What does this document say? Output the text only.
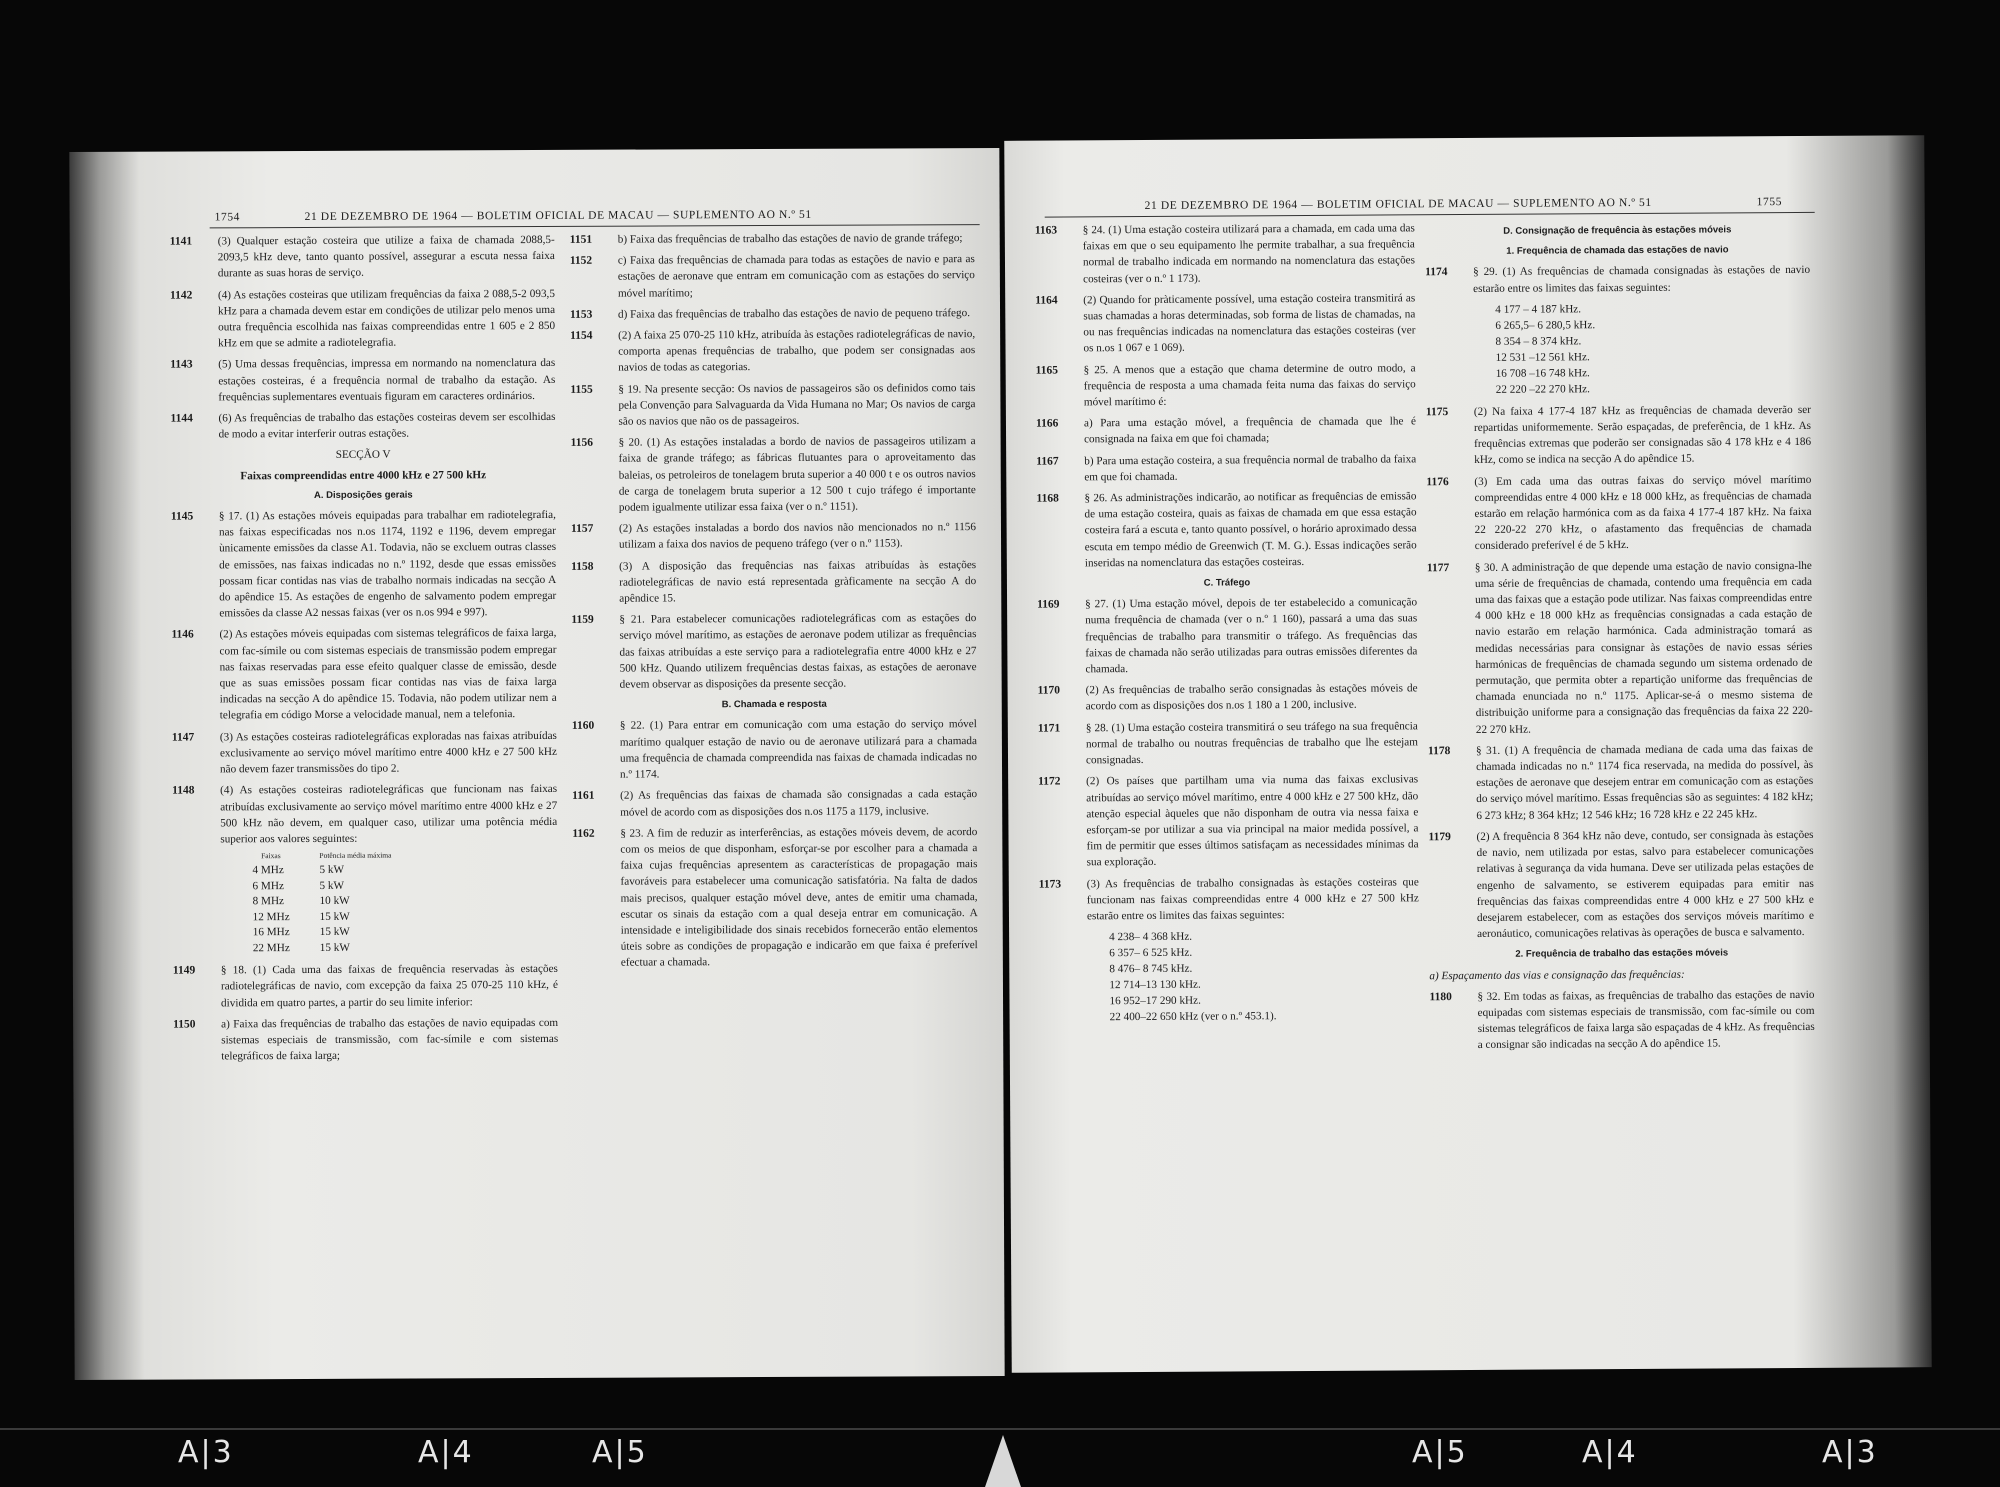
1754	21 DE DEZEMBRO DE 1964 — BOLETIM OFICIAL DE MACAU — SUPLEMENTO AO N.º 51
1141 (3) Qualquer estação costeira que utilize a faixa de chamada 2088,5-2093,5 kHz deve, tanto quanto possível, assegurar a escuta nessa faixa durante as suas horas de serviço.
1142 (4) As estações costeiras que utilizam frequências da faixa 2 088,5-2 093,5 kHz para a chamada devem estar em condições de utilizar pelo menos uma outra frequência escolhida nas faixas compreendidas entre 1 605 e 2 850 kHz em que se admite a radiotelegrafia.
1143 (5) Uma dessas frequências, impressa em normando na nomenclatura das estações costeiras, é a frequência normal de trabalho da estação. As frequências suplementares eventuais figuram em caracteres ordinários.
1144 (6) As frequências de trabalho das estações costeiras devem ser escolhidas de modo a evitar interferir outras estações.
SECÇÃO V
Faixas compreendidas entre 4000 kHz e 27 500 kHz
A. Disposições gerais
1145 § 17. (1) As estações móveis equipadas para trabalhar em radiotelegrafia, nas faixas especificadas nos n.os 1174, 1192 e 1196, devem empregar ùnicamente emissões da classe A1. Todavia, não se excluem outras classes de emissões, nas faixas indicadas no n.º 1192, desde que essas emissões possam ficar contidas nas vias de trabalho normais indicadas na secção A do apêndice 15. As estações de engenho de salvamento podem empregar emissões da classe A2 nessas faixas (ver os n.os 994 e 997).
1146 (2) As estações móveis equipadas com sistemas telegráficos de faixa larga, com fac-símile ou com sistemas especiais de transmissão podem empregar nas faixas reservadas para esse efeito qualquer classe de emissão, desde que as suas emissões possam ficar contidas nas vias de faixa larga indicadas na secção A do apêndice 15. Todavia, não podem utilizar nem a telegrafia em código Morse a velocidade manual, nem a telefonia.
1147 (3) As estações costeiras radiotelegráficas exploradas nas faixas atribuídas exclusivamente ao serviço móvel marítimo entre 4000 kHz e 27 500 kHz não devem fazer transmissões do tipo 2.
1148 (4) As estações costeiras radiotelegráficas que funcionam nas faixas atribuídas exclusivamente ao serviço móvel marítimo entre 4000 kHz e 27 500 kHz não devem, em qualquer caso, utilizar uma potência média superior aos valores seguintes:
Faixas	Potência média máxima
4 MHz	5 kW
6 MHz	5 kW
8 MHz	10 kW
12 MHz	15 kW
16 MHz	15 kW
22 MHz	15 kW
1149 § 18. (1) Cada uma das faixas de frequência reservadas às estações radiotelegráficas de navio, com excepção da faixa 25 070-25 110 kHz, é dividida em quatro partes, a partir do seu limite inferior:
1150 a) Faixa das frequências de trabalho das estações de navio equipadas com sistemas especiais de transmissão, com fac-símile e com sistemas telegráficos de faixa larga;
1151 b) Faixa das frequências de trabalho das estações de navio de grande tráfego;
1152 c) Faixa das frequências de chamada para todas as estações de navio e para as estações de aeronave que entram em comunicação com as estações do serviço móvel marítimo;
1153 d) Faixa das frequências de trabalho das estações de navio de pequeno tráfego.
1154 (2) A faixa 25 070-25 110 kHz, atribuída às estações radiotelegráficas de navio, comporta apenas frequências de trabalho, que podem ser consignadas aos navios de todas as categorias.
1155 § 19. Na presente secção: Os navios de passageiros são os definidos como tais pela Convenção para Salvaguarda da Vida Humana no Mar; Os navios de carga são os navios que não os de passageiros.
1156 § 20. (1) As estações instaladas a bordo de navios de passageiros utilizam a faixa de grande tráfego; as fábricas flutuantes para o aproveitamento das baleias, os petroleiros de tonelagem bruta superior a 40 000 t e os outros navios de carga de tonelagem bruta superior a 12 500 t cujo tráfego é importante podem igualmente utilizar essa faixa (ver o n.º 1151).
1157 (2) As estações instaladas a bordo dos navios não mencionados no n.º 1156 utilizam a faixa dos navios de pequeno tráfego (ver o n.º 1153).
1158 (3) A disposição das frequências nas faixas atribuídas às estações radiotelegráficas de navio está representada gràficamente na secção A do apêndice 15.
1159 § 21. Para estabelecer comunicações radiotelegráficas com as estações do serviço móvel marítimo, as estações de aeronave podem utilizar as frequências das faixas atribuídas a este serviço para a radiotelegrafia entre 4000 kHz e 27 500 kHz. Quando utilizem frequências destas faixas, as estações de aeronave devem observar as disposições da presente secção.
B. Chamada e resposta
1160 § 22. (1) Para entrar em comunicação com uma estação do serviço móvel marítimo qualquer estação de navio ou de aeronave utilizará para a chamada uma frequência de chamada compreendida nas faixas de chamada indicadas no n.º 1174.
1161 (2) As frequências das faixas de chamada são consignadas a cada estação móvel de acordo com as disposições dos n.os 1175 a 1179, inclusive.
1162 § 23. A fim de reduzir as interferências, as estações móveis devem, de acordo com os meios de que disponham, esforçar-se por escolher para a chamada a faixa cujas frequências apresentem as características de propagação mais favoráveis para estabelecer uma comunicação satisfatória. Na falta de dados mais precisos, qualquer estação móvel deve, antes de emitir uma chamada, escutar os sinais da estação com a qual deseja entrar em comunicação. A intensidade e inteligibilidade dos sinais recebidos fornecerão então elementos úteis sobre as condições de propagação e indicarão em que faixa é preferível efectuar a chamada.
21 DE DEZEMBRO DE 1964 — BOLETIM OFICIAL DE MACAU — SUPLEMENTO AO N.º 51	1755
1163 § 24. (1) Uma estação costeira utilizará para a chamada, em cada uma das faixas em que o seu equipamento lhe permite trabalhar, a sua frequência normal de trabalho indicada em normando na nomenclatura das estações costeiras (ver o n.º 1 173).
1164 (2) Quando for pràticamente possível, uma estação costeira transmitirá as suas chamadas a horas determinadas, sob forma de listas de chamadas, na ou nas frequências indicadas na nomenclatura das estações costeiras (ver os n.os 1 067 e 1 069).
1165 § 25. A menos que a estação que chama determine de outro modo, a frequência de resposta a uma chamada feita numa das faixas do serviço móvel marítimo é:
1166 a) Para uma estação móvel, a frequência de chamada que lhe é consignada na faixa em que foi chamada;
1167 b) Para uma estação costeira, a sua frequência normal de trabalho da faixa em que foi chamada.
1168 § 26. As administrações indicarão, ao notificar as frequências de emissão de uma estação costeira, quais as faixas de chamada em que essa estação costeira fará a escuta e, tanto quanto possível, o horário aproximado dessa escuta em tempo médio de Greenwich (T. M. G.). Essas indicações serão inseridas na nomenclatura das estações costeiras.
C. Tráfego
1169 § 27. (1) Uma estação móvel, depois de ter estabelecido a comunicação numa frequência de chamada (ver o n.º 1 160), passará a uma das suas frequências de trabalho para transmitir o tráfego. As frequências das faixas de chamada não serão utilizadas para outras emissões diferentes da chamada.
1170 (2) As frequências de trabalho serão consignadas às estações móveis de acordo com as disposições dos n.os 1 180 a 1 200, inclusive.
1171 § 28. (1) Uma estação costeira transmitirá o seu tráfego na sua frequência normal de trabalho ou noutras frequências de trabalho que lhe estejam consignadas.
1172 (2) Os países que partilham uma via numa das faixas exclusivas atribuídas ao serviço móvel marítimo, entre 4 000 kHz e 27 500 kHz, dão atenção especial àqueles que não disponham de outra via nessa faixa e esforçam-se por utilizar a sua via principal na maior medida possível, a fim de permitir que esses últimos satisfaçam as necessidades mínimas da sua exploração.
1173 (3) As frequências de trabalho consignadas às estações costeiras que funcionam nas faixas compreendidas entre 4 000 kHz e 27 500 kHz estarão entre os limites das faixas seguintes:
4 238– 4 368 kHz.
6 357– 6 525 kHz.
8 476– 8 745 kHz.
12 714–13 130 kHz.
16 952–17 290 kHz.
22 400–22 650 kHz (ver o n.º 453.1).
D. Consignação de frequência às estações móveis
1. Frequência de chamada das estações de navio
1174 § 29. (1) As frequências de chamada consignadas às estações de navio estarão entre os limites das faixas seguintes:
4 177 – 4 187 kHz.
6 265,5– 6 280,5 kHz.
8 354 – 8 374 kHz.
12 531 –12 561 kHz.
16 708 –16 748 kHz.
22 220 –22 270 kHz.
1175 (2) Na faixa 4 177-4 187 kHz as frequências de chamada deverão ser repartidas uniformemente. Serão espaçadas, de preferência, de 1 kHz. As frequências extremas que poderão ser consignadas são 4 178 kHz e 4 186 kHz, como se indica na secção A do apêndice 15.
1176 (3) Em cada uma das outras faixas do serviço móvel marítimo compreendidas entre 4 000 kHz e 18 000 kHz, as frequências de chamada estarão em relação harmónica com as da faixa 4 177-4 187 kHz. Na faixa 22 220-22 270 kHz, o afastamento das frequências de chamada considerado preferível é de 5 kHz.
1177 § 30. A administração de que depende uma estação de navio consigna-lhe uma série de frequências de chamada, contendo uma frequência em cada uma das faixas que a estação pode utilizar. Nas faixas compreendidas entre 4 000 kHz e 18 000 kHz as frequências consignadas a cada estação de navio estarão em relação harmónica. Cada administração tomará as medidas necessárias para consignar às estações de navio essas séries harmónicas de frequências de chamada segundo um sistema ordenado de permutação, que permita obter a repartição uniforme das frequências de chamada enunciada no n.º 1175. Aplicar-se-á o mesmo sistema de distribuição uniforme para a consignação das frequências da faixa 22 220-22 270 kHz.
1178 § 31. (1) A frequência de chamada mediana de cada uma das faixas de chamada indicadas no n.º 1174 fica reservada, na medida do possível, às estações de aeronave que desejem entrar em comunicação com as estações do serviço móvel marítimo. Essas frequências são as seguintes: 4 182 kHz; 6 273 kHz; 8 364 kHz; 12 546 kHz; 16 728 kHz e 22 245 kHz.
1179 (2) A frequência 8 364 kHz não deve, contudo, ser consignada às estações de navio, nem utilizada por estas, salvo para estabelecer comunicações relativas à segurança da vida humana. Deve ser utilizada pelas estações de engenho de salvamento, se estiverem equipadas para emitir nas frequências das faixas compreendidas entre 4 000 kHz e 27 500 kHz e desejarem estabelecer, com as estações dos serviços móveis marítimo e aeronáutico, comunicações relativas às operações de busca e salvamento.
2. Frequência de trabalho das estações móveis
a) Espaçamento das vias e consignação das frequências:
1180 § 32. Em todas as faixas, as frequências de trabalho das estações de navio equipadas com sistemas especiais de transmissão, com fac-símile ou com sistemas telegráficos de faixa larga são espaçadas de 4 kHz. As frequências a consignar são indicadas na secção A do apêndice 15.
A|3	A|4	A|5	A|5	A|4	A|3
